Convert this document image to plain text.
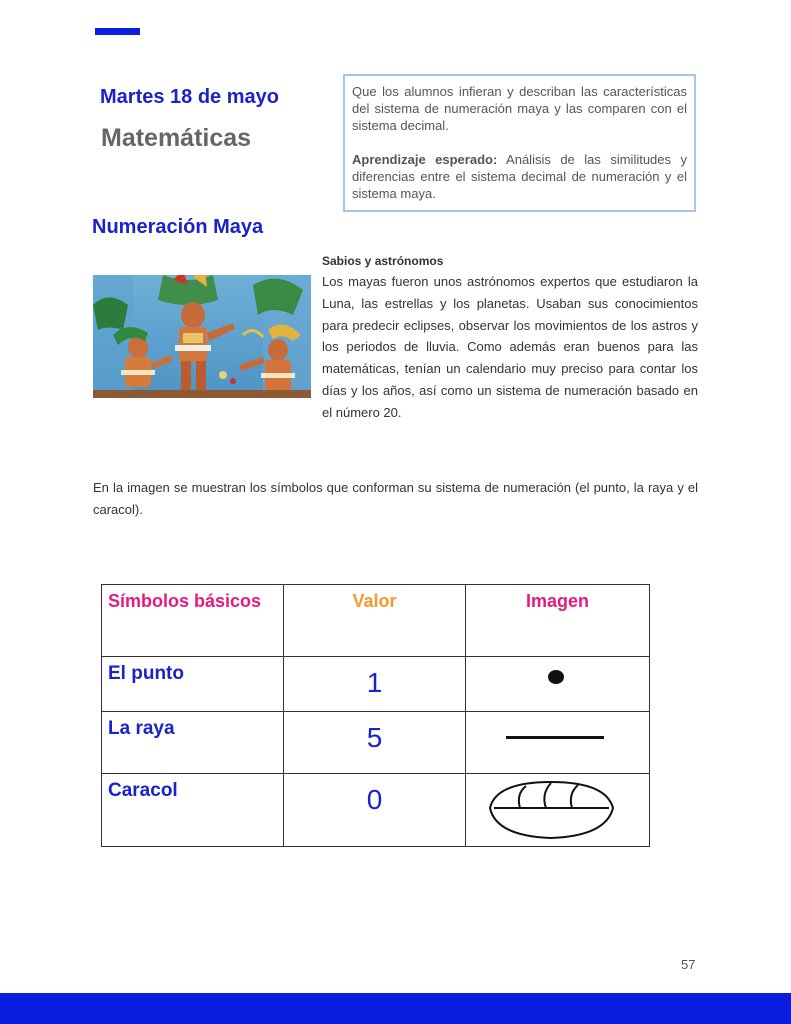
Martes 18 de mayo
Matemáticas

Que los alumnos infieran y describan las características del sistema de numeración maya y las comparen con el sistema decimal.

Aprendizaje esperado: Análisis de las similitudes y diferencias entre el sistema decimal de numeración y el sistema maya.

Numeración Maya
Sabios y astrónomos

Los mayas fueron unos astrónomos expertos que estudiaron la Luna, las estrellas y los planetas. Usaban sus conocimientos para predecir eclipses, observar los movimientos de los astros y los periodos de lluvia. Como además eran buenos para las matemáticas, tenían un calendario muy preciso para contar los días y los años, así como un sistema de numeración basado en el número 20.

En la imagen se muestran los símbolos que conforman su sistema de numeración (el punto, la raya y el caracol).

Símbolos básicos	Valor	Imagen
El punto	1

La raya	5

Caracol	0

57
